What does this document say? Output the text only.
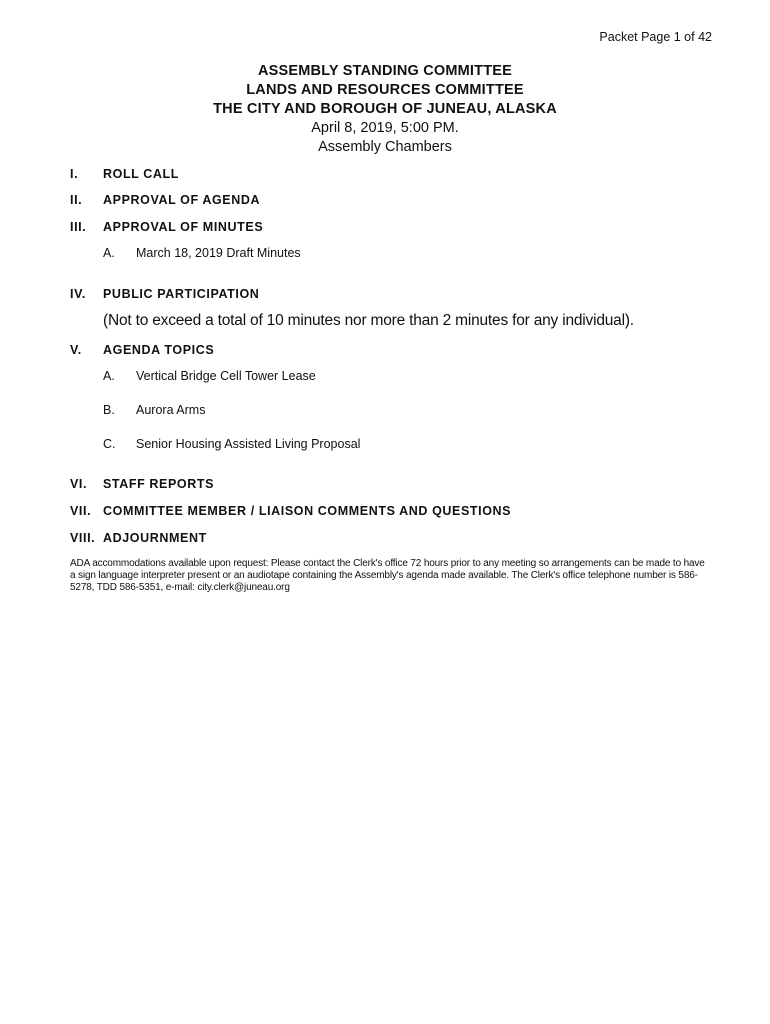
Packet Page 1 of 42
ASSEMBLY STANDING COMMITTEE
LANDS AND RESOURCES COMMITTEE
THE CITY AND BOROUGH OF JUNEAU, ALASKA
April 8, 2019, 5:00 PM.
Assembly Chambers
I. ROLL CALL
II. APPROVAL OF AGENDA
III. APPROVAL OF MINUTES
A. March 18, 2019 Draft Minutes
IV. PUBLIC PARTICIPATION
(Not to exceed a total of 10 minutes nor more than 2 minutes for any individual).
V. AGENDA TOPICS
A. Vertical Bridge Cell Tower Lease
B. Aurora Arms
C. Senior Housing Assisted Living Proposal
VI. STAFF REPORTS
VII. COMMITTEE MEMBER / LIAISON COMMENTS AND QUESTIONS
VIII. ADJOURNMENT
ADA accommodations available upon request: Please contact the Clerk's office 72 hours prior to any meeting so arrangements can be made to have a sign language interpreter present or an audiotape containing the Assembly's agenda made available. The Clerk's office telephone number is 586-5278, TDD 586-5351, e-mail: city.clerk@juneau.org
